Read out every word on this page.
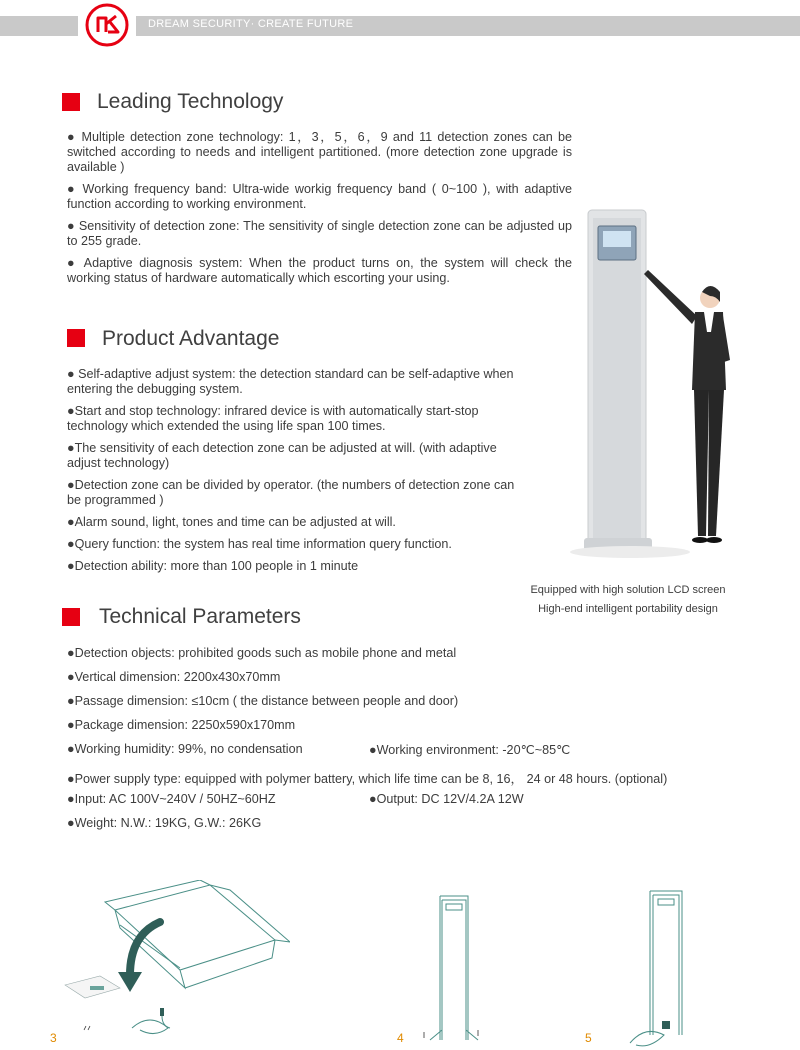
DREAM SECURITY· CREATE FUTURE
Leading Technology

● Multiple detection zone technology: 1，3，5，6，9 and 11 detection zones can be switched according to needs and intelligent partitioned. (more detection zone upgrade is available )

● Working frequency band: Ultra-wide workig frequency band ( 0~100 ), with adaptive function according to working environment.

● Sensitivity of detection zone: The sensitivity of single detection zone can be adjusted up to 255 grade.

● Adaptive diagnosis system: When the product turns on, the system will check the working status of hardware automatically which escorting your using.

Product Advantage

● Self-adaptive adjust system: the detection standard can be self-adaptive when entering the debugging system.

●Start and stop technology: infrared device is with automatically start-stop technology which extended the using life span 100 times.

●The sensitivity of each detection zone can be adjusted at will. (with adaptive adjust technology)

●Detection zone can be divided by operator. (the numbers of detection zone can be programmed )

●Alarm sound, light, tones and time can be adjusted at will.

●Query function: the system has real time information query function.

●Detection ability: more than 100 people in 1 minute

Equipped with high solution LCD screen
High-end intelligent portability design
Technical Parameters
●Detection objects: prohibited goods such as mobile phone and metal
●Vertical dimension: 2200x430x70mm
●Passage dimension: ≤10cm ( the distance between people and door)
●Package dimension: 2250x590x170mm
●Working humidity: 99%, no condensation	●Working environment: -20℃~85℃
●Power supply type: equipped with polymer battery, which life time can be 8, 16， 24 or 48 hours. (optional)
●Input: AC 100V~240V / 50HZ~60HZ	●Output: DC 12V/4.2A 12W
●Weight: N.W.: 19KG, G.W.: 26KG
3	4	5
